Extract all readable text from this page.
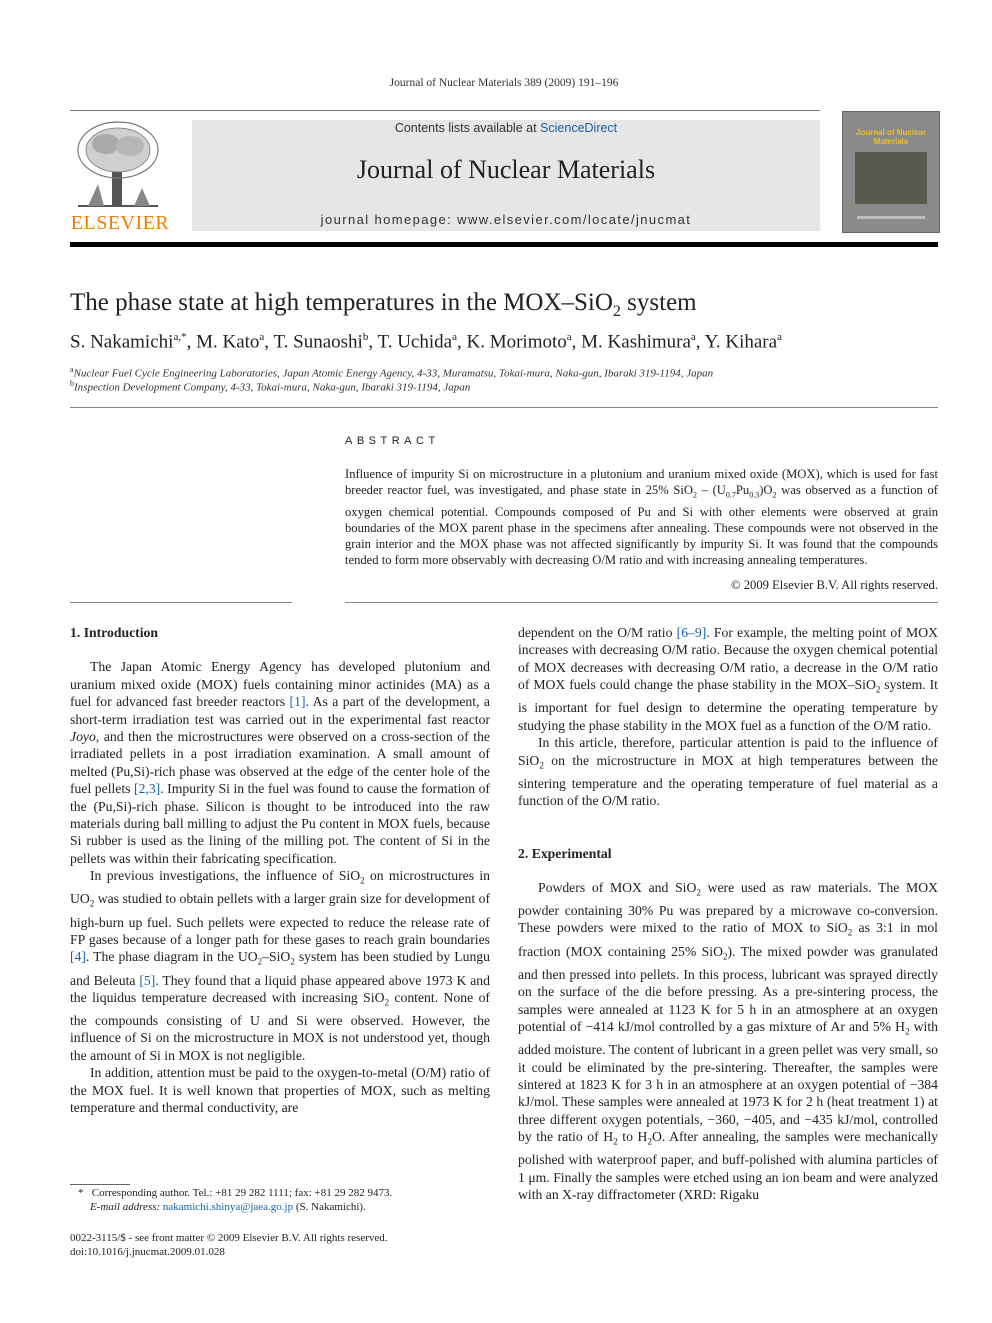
Journal of Nuclear Materials 389 (2009) 191–196
ELSEVIER
Contents lists available at ScienceDirect
Journal of Nuclear Materials
journal homepage: www.elsevier.com/locate/jnucmat
Journal of Nuclear Materials
The phase state at high temperatures in the MOX–SiO$_2$ system
S. Nakamichi$^{a,*}$, M. Kato$^a$, T. Sunaoshi$^b$, T. Uchida$^a$, K. Morimoto$^a$, M. Kashimura$^a$, Y. Kihara$^a$
$^a$Nuclear Fuel Cycle Engineering Laboratories, Japan Atomic Energy Agency, 4-33, Muramatsu, Tokai-mura, Naka-gun, Ibaraki 319-1194, Japan
$^b$Inspection Development Company, 4-33, Tokai-mura, Naka-gun, Ibaraki 319-1194, Japan
ABSTRACT
Influence of impurity Si on microstructure in a plutonium and uranium mixed oxide (MOX), which is used for fast breeder reactor fuel, was investigated, and phase state in 25% $SiO_2 - (U_{0.7}Pu_{0.3})O_2$ was observed as a function of oxygen chemical potential. Compounds composed of Pu and Si with other elements were observed at grain boundaries of the MOX parent phase in the specimens after annealing. These compounds were not observed in the grain interior and the MOX phase was not affected significantly by impurity Si. It was found that the compounds tended to form more observably with decreasing O/M ratio and with increasing annealing temperatures.
© 2009 Elsevier B.V. All rights reserved.
1. Introduction

The Japan Atomic Energy Agency has developed plutonium and uranium mixed oxide (MOX) fuels containing minor actinides (MA) as a fuel for advanced fast breeder reactors [1]. As a part of the development, a short-term irradiation test was carried out in the experimental fast reactor Joyo, and then the microstructures were observed on a cross-section of the irradiated pellets in a post irradiation examination. A small amount of melted (Pu,Si)-rich phase was observed at the edge of the center hole of the fuel pellets [2,3]. Impurity Si in the fuel was found to cause the formation of the (Pu,Si)-rich phase. Silicon is thought to be introduced into the raw materials during ball milling to adjust the Pu content in MOX fuels, because Si rubber is used as the lining of the milling pot. The content of Si in the pellets was within their fabricating specification.

In previous investigations, the influence of SiO$_2$ on microstructures in $UO_2$ was studied to obtain pellets with a larger grain size for development of high-burn up fuel. Such pellets were expected to reduce the release rate of FP gases because of a longer path for these gases to reach grain boundaries [4]. The phase diagram in the $UO_2-SiO_2$ system has been studied by Lungu and Beleuta [5]. They found that a liquid phase appeared above 1973 K and the liquidus temperature decreased with increasing SiO$_2$ content. None of the compounds consisting of U and Si were observed. However, the influence of Si on the microstructure in MOX is not understood yet, though the amount of Si in MOX is not negligible.

In addition, attention must be paid to the oxygen-to-metal (O/M) ratio of the MOX fuel. It is well known that properties of MOX, such as melting temperature and thermal conductivity, are

dependent on the O/M ratio [6–9]. For example, the melting point of MOX increases with decreasing O/M ratio. Because the oxygen chemical potential of MOX decreases with decreasing O/M ratio, a decrease in the O/M ratio of MOX fuels could change the phase stability in the MOX–SiO$_2$ system. It is important for fuel design to determine the operating temperature by studying the phase stability in the MOX fuel as a function of the O/M ratio.

In this article, therefore, particular attention is paid to the influence of SiO$_2$ on the microstructure in MOX at high temperatures between the sintering temperature and the operating temperature of fuel material as a function of the O/M ratio.

2. Experimental

Powders of MOX and SiO$_2$ were used as raw materials. The MOX powder containing 30% Pu was prepared by a microwave co-conversion. These powders were mixed to the ratio of MOX to SiO$_2$ as 3:1 in mol fraction (MOX containing 25% SiO$_2$). The mixed powder was granulated and then pressed into pellets. In this process, lubricant was sprayed directly on the surface of the die before pressing. As a pre-sintering process, the samples were annealed at 1123 K for 5 h in an atmosphere at an oxygen potential of −414 kJ/mol controlled by a gas mixture of Ar and 5% $H_2$ with added moisture. The content of lubricant in a green pellet was very small, so it could be eliminated by the pre-sintering. Thereafter, the samples were sintered at 1823 K for 3 h in an atmosphere at an oxygen potential of −384 kJ/mol. These samples were annealed at 1973 K for 2 h (heat treatment 1) at three different oxygen potentials, −360, −405, and −435 kJ/mol, controlled by the ratio of $H_2$ to $H_2O$. After annealing, the samples were mechanically polished with waterproof paper, and buff-polished with alumina particles of 1 μm. Finally the samples were etched using an ion beam and were analyzed with an X-ray diffractometer (XRD: Rigaku

* Corresponding author. Tel.: +81 29 282 1111; fax: +81 29 282 9473.
E-mail address: nakamichi.shinya@jaea.go.jp (S. Nakamichi).
0022-3115/$ - see front matter © 2009 Elsevier B.V. All rights reserved.
doi:10.1016/j.jnucmat.2009.01.028
